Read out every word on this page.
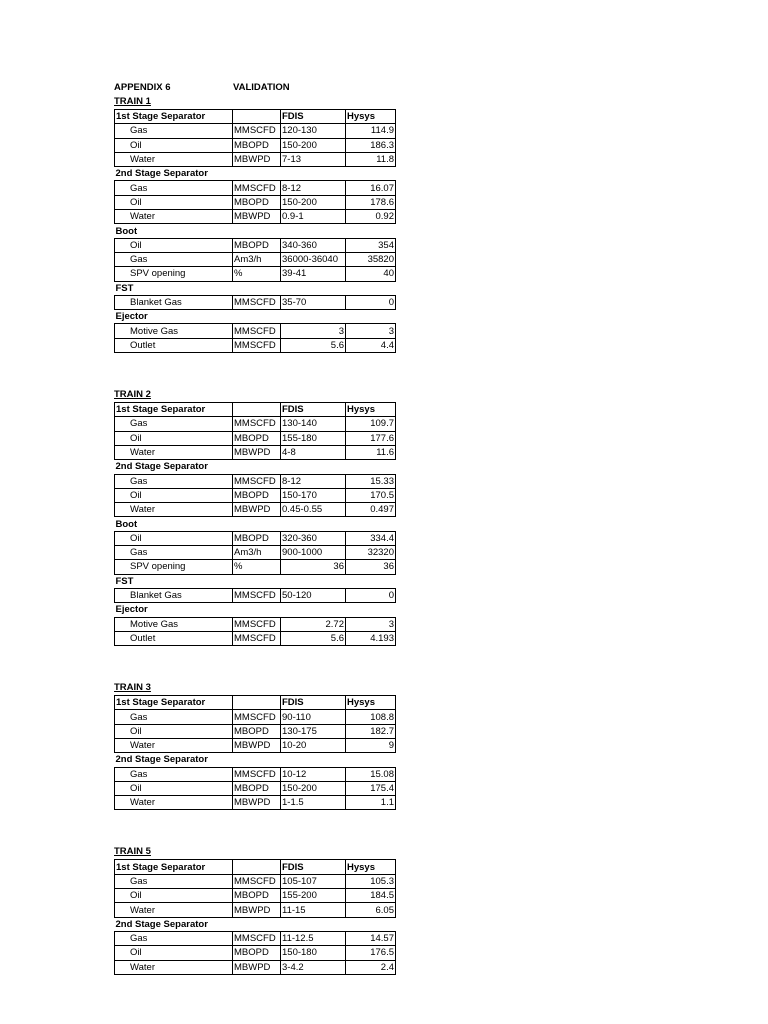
APPENDIX 6	VALIDATION
TRAIN 1
1st Stage Separator		FDIS	Hysys
Gas	MMSCFD	120-130	114.9
Oil	MBOPD	150-200	186.3
Water	MBWPD	7-13	11.8
2nd Stage Separator			
Gas	MMSCFD	8-12	16.07
Oil	MBOPD	150-200	178.6
Water	MBWPD	0.9-1	0.92
Boot			
Oil	MBOPD	340-360	354
Gas	Am3/h	36000-36040	35820
SPV opening	%	39-41	40
FST			
Blanket Gas	MMSCFD	35-70	0
Ejector			
Motive Gas	MMSCFD	3	3
Outlet	MMSCFD	5.6	4.4
TRAIN 2
1st Stage Separator		FDIS	Hysys
Gas	MMSCFD	130-140	109.7
Oil	MBOPD	155-180	177.6
Water	MBWPD	4-8	11.6
2nd Stage Separator			
Gas	MMSCFD	8-12	15.33
Oil	MBOPD	150-170	170.5
Water	MBWPD	0.45-0.55	0.497
Boot			
Oil	MBOPD	320-360	334.4
Gas	Am3/h	900-1000	32320
SPV opening	%	36	36
FST			
Blanket Gas	MMSCFD	50-120	0
Ejector			
Motive Gas	MMSCFD	2.72	3
Outlet	MMSCFD	5.6	4.193
TRAIN 3
1st Stage Separator		FDIS	Hysys
Gas	MMSCFD	90-110	108.8
Oil	MBOPD	130-175	182.7
Water	MBWPD	10-20	9
2nd Stage Separator			
Gas	MMSCFD	10-12	15.08
Oil	MBOPD	150-200	175.4
Water	MBWPD	1-1.5	1.1
TRAIN 5
1st Stage Separator		FDIS	Hysys
Gas	MMSCFD	105-107	105.3
Oil	MBOPD	155-200	184.5
Water	MBWPD	11-15	6.05
2nd Stage Separator			
Gas	MMSCFD	11-12.5	14.57
Oil	MBOPD	150-180	176.5
Water	MBWPD	3-4.2	2.4
